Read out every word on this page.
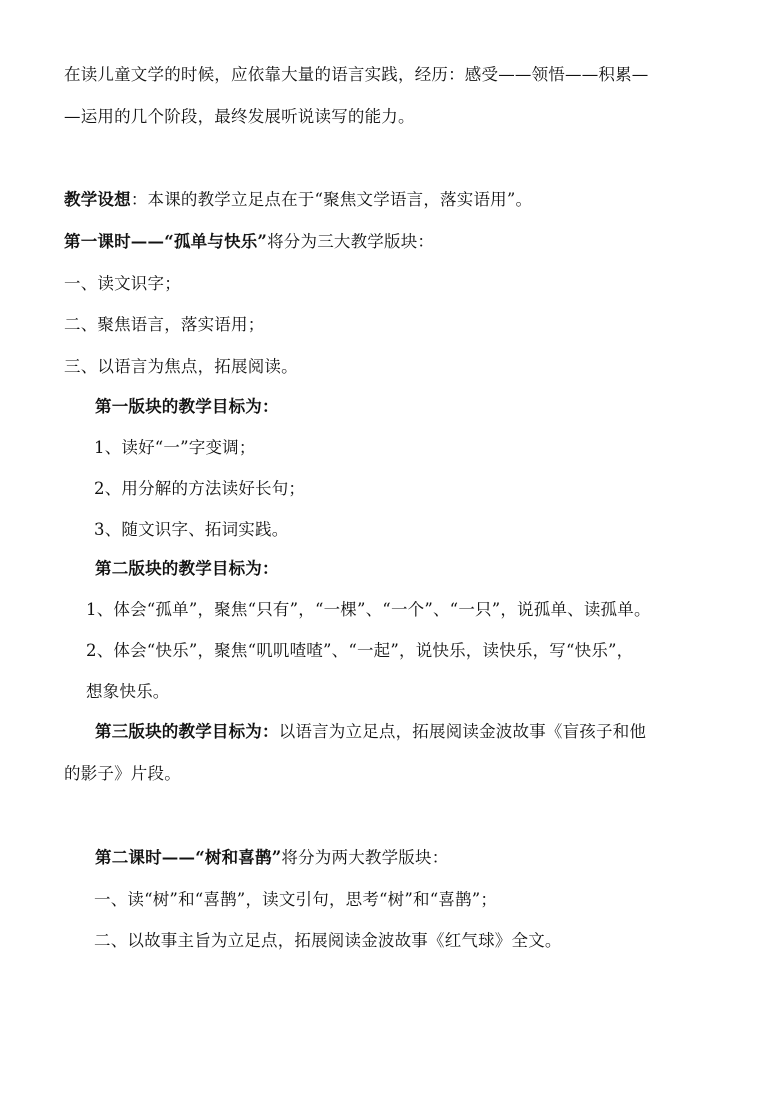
在读儿童文学的时候，应依靠大量的语言实践，经历：感受——领悟——积累—
—运用的几个阶段，最终发展听说读写的能力。
教学设想：本课的教学立足点在于“聚焦文学语言，落实语用”。
第一课时——“孤单与快乐”将分为三大教学版块：
一、读文识字；
二、聚焦语言，落实语用；
三、以语言为焦点，拓展阅读。
第一版块的教学目标为：
1、读好“一”字变调；
2、用分解的方法读好长句；
3、随文识字、拓词实践。
第二版块的教学目标为：
1、体会“孤单”，聚焦“只有”，“一棵”、“一个”、“一只”，说孤单、读孤单。
2、体会“快乐”，聚焦“叽叽喳喳”、“一起”，说快乐，读快乐，写“快乐”，
想象快乐。
第三版块的教学目标为：以语言为立足点，拓展阅读金波故事《盲孩子和他
的影子》片段。
第二课时——“树和喜鹊”将分为两大教学版块：
一、读“树”和“喜鹊”，读文引句，思考“树”和“喜鹊”；
二、以故事主旨为立足点，拓展阅读金波故事《红气球》全文。
